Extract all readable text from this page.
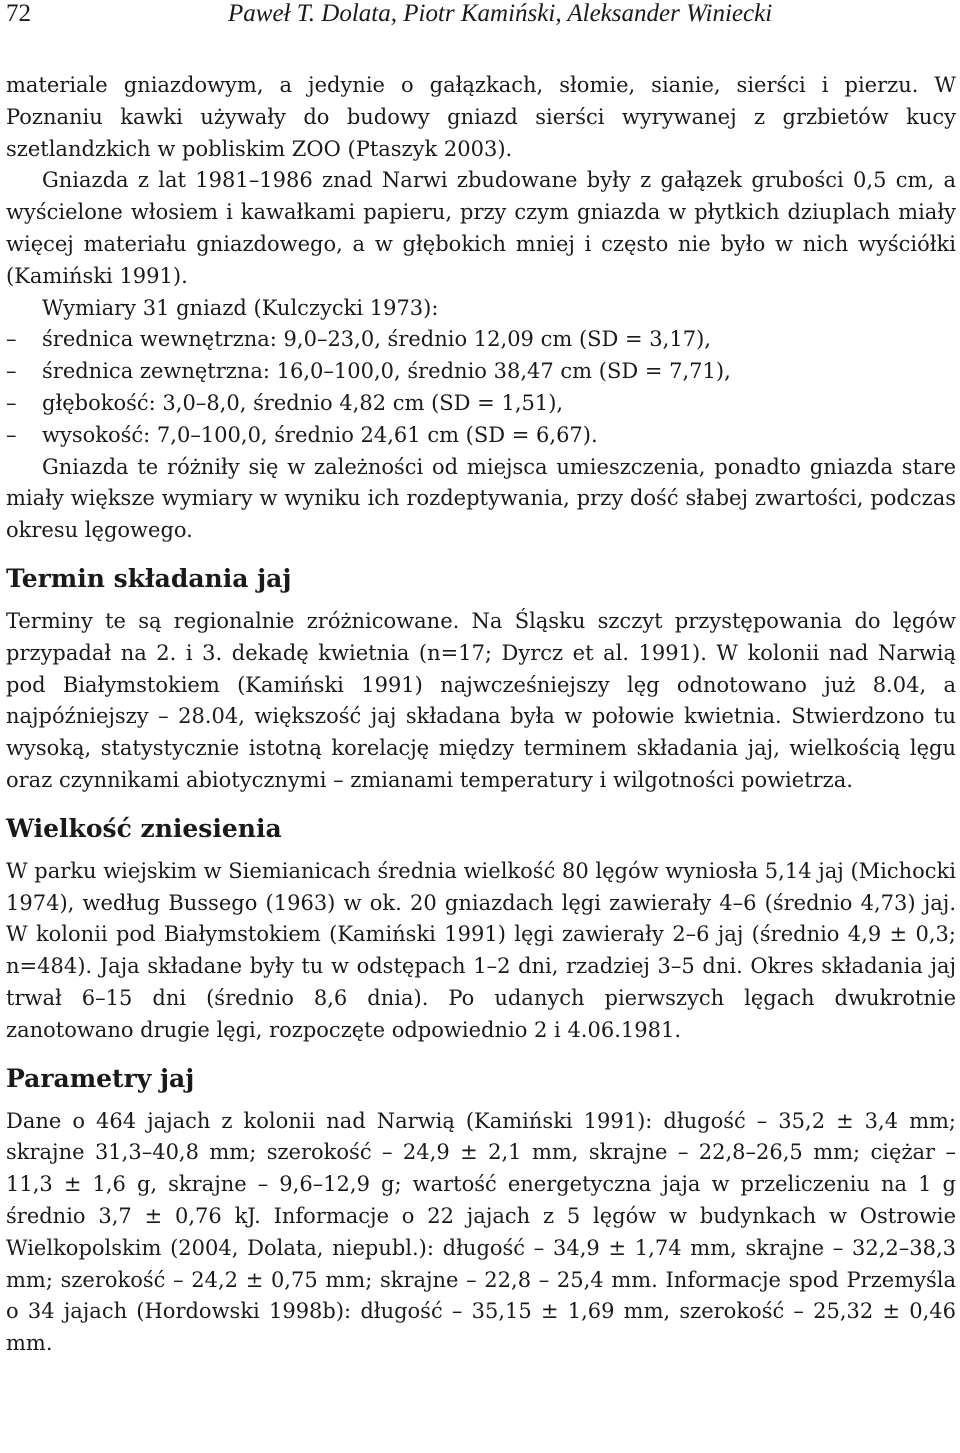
72	Paweł T. Dolata, Piotr Kamiński, Aleksander Winiecki

materiale gniazdowym, a jedynie o gałązkach, słomie, sianie, sierści i pierzu. W Poznaniu kawki używały do budowy gniazd sierści wyrywanej z grzbietów kucy szetlandzkich w pobliskim ZOO (Ptaszyk 2003).

Gniazda z lat 1981–1986 znad Narwi zbudowane były z gałązek grubości 0,5 cm, a wyścielone włosiem i kawałkami papieru, przy czym gniazda w płytkich dziuplach miały więcej materiału gniazdowego, a w głębokich mniej i często nie było w nich wyściółki (Kamiński 1991).

Wymiary 31 gniazd (Kulczycki 1973):

– średnica wewnętrzna: 9,0–23,0, średnio 12,09 cm (SD = 3,17),

– średnica zewnętrzna: 16,0–100,0, średnio 38,47 cm (SD = 7,71),

– głębokość: 3,0–8,0, średnio 4,82 cm (SD = 1,51),

– wysokość: 7,0–100,0, średnio 24,61 cm (SD = 6,67).

Gniazda te różniły się w zależności od miejsca umieszczenia, ponadto gniazda stare miały większe wymiary w wyniku ich rozdeptywania, przy dość słabej zwartości, podczas okresu lęgowego.

Termin składania jaj

Terminy te są regionalnie zróżnicowane. Na Śląsku szczyt przystępowania do lęgów przypadał na 2. i 3. dekadę kwietnia (n=17; Dyrcz et al. 1991). W kolonii nad Narwią pod Białymstokiem (Kamiński 1991) najwcześniejszy lęg odnotowano już 8.04, a najpóźniejszy – 28.04, większość jaj składana była w połowie kwietnia. Stwierdzono tu wysoką, statystycznie istotną korelację między terminem składania jaj, wielkością lęgu oraz czynnikami abiotycznymi – zmianami temperatury i wilgotności powietrza.

Wielkość zniesienia

W parku wiejskim w Siemianicach średnia wielkość 80 lęgów wyniosła 5,14 jaj (Michocki 1974), według Bussego (1963) w ok. 20 gniazdach lęgi zawierały 4–6 (średnio 4,73) jaj. W kolonii pod Białymstokiem (Kamiński 1991) lęgi zawierały 2–6 jaj (średnio 4,9 ± 0,3; n=484). Jaja składane były tu w odstępach 1–2 dni, rzadziej 3–5 dni. Okres składania jaj trwał 6–15 dni (średnio 8,6 dnia). Po udanych pierwszych lęgach dwukrotnie zanotowano drugie lęgi, rozpoczęte odpowiednio 2 i 4.06.1981.

Parametry jaj

Dane o 464 jajach z kolonii nad Narwią (Kamiński 1991): długość – 35,2 ± 3,4 mm; skrajne 31,3–40,8 mm; szerokość – 24,9 ± 2,1 mm, skrajne – 22,8–26,5 mm; ciężar – 11,3 ± 1,6 g, skrajne – 9,6–12,9 g; wartość energetyczna jaja w przeliczeniu na 1 g średnio 3,7 ± 0,76 kJ. Informacje o 22 jajach z 5 lęgów w budynkach w Ostrowie Wielkopolskim (2004, Dolata, niepubl.): długość – 34,9 ± 1,74 mm, skrajne – 32,2–38,3 mm; szerokość – 24,2 ± 0,75 mm; skrajne – 22,8 – 25,4 mm. Informacje spod Przemyśla o 34 jajach (Hordowski 1998b): długość – 35,15 ± 1,69 mm, szerokość – 25,32 ± 0,46 mm.
